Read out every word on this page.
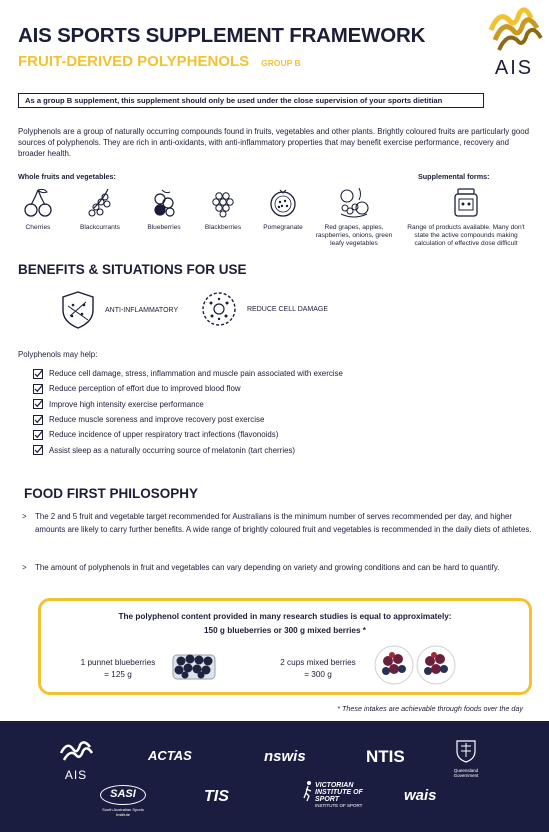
AIS SPORTS SUPPLEMENT FRAMEWORK
FRUIT-DERIVED POLYPHENOLS GROUP B	AIS
As a group B supplement, this supplement should only be used under the close supervision of your sports dietitian
Polyphenols are a group of naturally occurring compounds found in fruits, vegetables and other plants. Brightly coloured fruits are particularly good sources of polyphenols. They are rich in anti-oxidants, with anti-inflammatory properties that may benefit exercise performance, recovery and broader health.
Whole fruits and vegetables:	Supplemental forms:
Cherries	Blackcurrants	Blueberries	Blackberries	Pomegranate	Red grapes, apples, raspberries, onions, green leafy vegetables
Range of products available. Many don't state the active compounds making calculation of effective dose difficult
BENEFITS & SITUATIONS FOR USE
ANTI-INFLAMMATORY	REDUCE CELL DAMAGE
Polyphenols may help:
Reduce cell damage, stress, inflammation and muscle pain associated with exercise
Reduce perception of effort due to improved blood flow
Improve high intensity exercise performance
Reduce muscle soreness and improve recovery post exercise
Reduce incidence of upper respiratory tract infections (flavonoids)
Assist sleep as a naturally occurring source of melatonin (tart cherries)
FOOD FIRST PHILOSOPHY
>	The 2 and 5 fruit and vegetable target recommended for Australians is the minimum number of serves recommended per day, and higher amounts are likely to carry further benefits. A wide range of brightly coloured fruit and vegetables is recommended in the daily diets of athletes.
>	The amount of polyphenols in fruit and vegetables can vary depending on variety and growing conditions and can be hard to quantify.
The polyphenol content provided in many research studies is equal to approximately:
150 g blueberries or 300 g mixed berries *
1 punnet blueberries
= 125 g
2 cups mixed berries
= 300 g
* These intakes are achievable through foods over the day
AIS
ACTAS	nswis	NTIS
Queensland Government
SASI
South Australian Sports Institute
TIS
VICTORIAN INSTITUTE OF SPORT
INSTITUTE OF SPORT
wais
